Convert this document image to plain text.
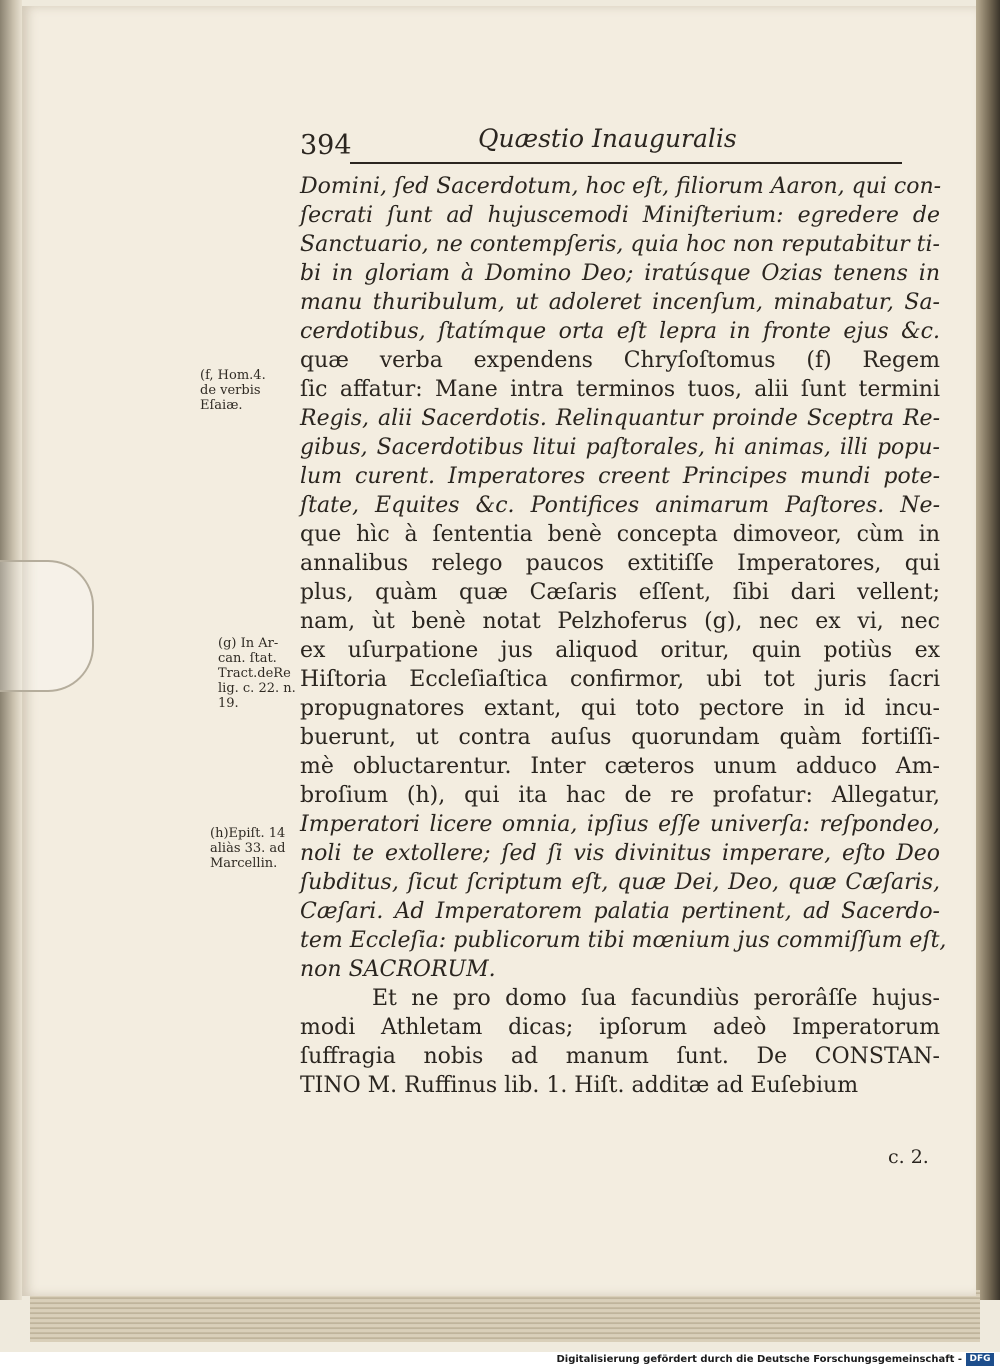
394	Quæstio Inauguralis
Domini, ſed Sacerdotum, hoc eſt, filiorum Aaron, qui con-
ſecrati ſunt ad hujuscemodi Miniſterium: egredere de
Sanctuario, ne contempſeris, quia hoc non reputabitur ti-
bi in gloriam à Domino Deo; iratúsque Ozias tenens in
manu thuribulum, ut adoleret incenſum, minabatur, Sa-
cerdotibus, ſtatímque orta eſt lepra in fronte ejus &c.
quæ verba expendens Chryſoſtomus (f) Regem
ſic affatur: Mane intra terminos tuos, alii ſunt termini
Regis, alii Sacerdotis. Relinquantur proinde Sceptra Re-
gibus, Sacerdotibus litui paſtorales, hi animas, illi popu-
lum curent. Imperatores creent Principes mundi pote-
ſtate, Equites &c. Pontifices animarum Paſtores. Ne-
que hìc à ſententia benè concepta dimoveor, cùm in
annalibus relego paucos extitiſſe Imperatores, qui
plus, quàm quæ Cæſaris eſſent, ſibi dari vellent;
nam, ùt benè notat Pelzhoferus (g), nec ex vi, nec
ex uſurpatione jus aliquod oritur, quin potiùs ex
Hiſtoria Eccleſiaſtica confirmor, ubi tot juris ſacri
propugnatores extant, qui toto pectore in id incu-
buerunt, ut contra auſus quorundam quàm fortiſſi-
mè obluctarentur. Inter cæteros unum adduco Am-
broſium (h), qui ita hac de re profatur: Allegatur,
Imperatori licere omnia, ipſius eſſe univerſa: reſpondeo,
noli te extollere; ſed ſi vis divinitus imperare, eſto Deo
ſubditus, ſicut ſcriptum eſt, quæ Dei, Deo, quæ Cæſaris,
Cæſari. Ad Imperatorem palatia pertinent, ad Sacerdo-
tem Eccleſia: publicorum tibi mœnium jus commiſſum eſt,
non SACRORUM.
Et ne pro domo ſua facundiùs perorâſſe hujus-
modi Athletam dicas; ipſorum adeò Imperatorum
ſuffragia nobis ad manum ſunt. De CONSTAN-
TINO M. Ruffinus lib. 1. Hiſt. additæ ad Euſebium
(f, Hom.4.
de verbis
Eſaiæ.
(g) In Ar-
can. ſtat.
Tract.deRe
lig. c. 22. n.
19.
(h)Epiſt. 14
aliàs 33. ad
Marcellin.
c. 2.
Digitalisierung gefördert durch die Deutsche Forschungsgemeinschaft - DFG
